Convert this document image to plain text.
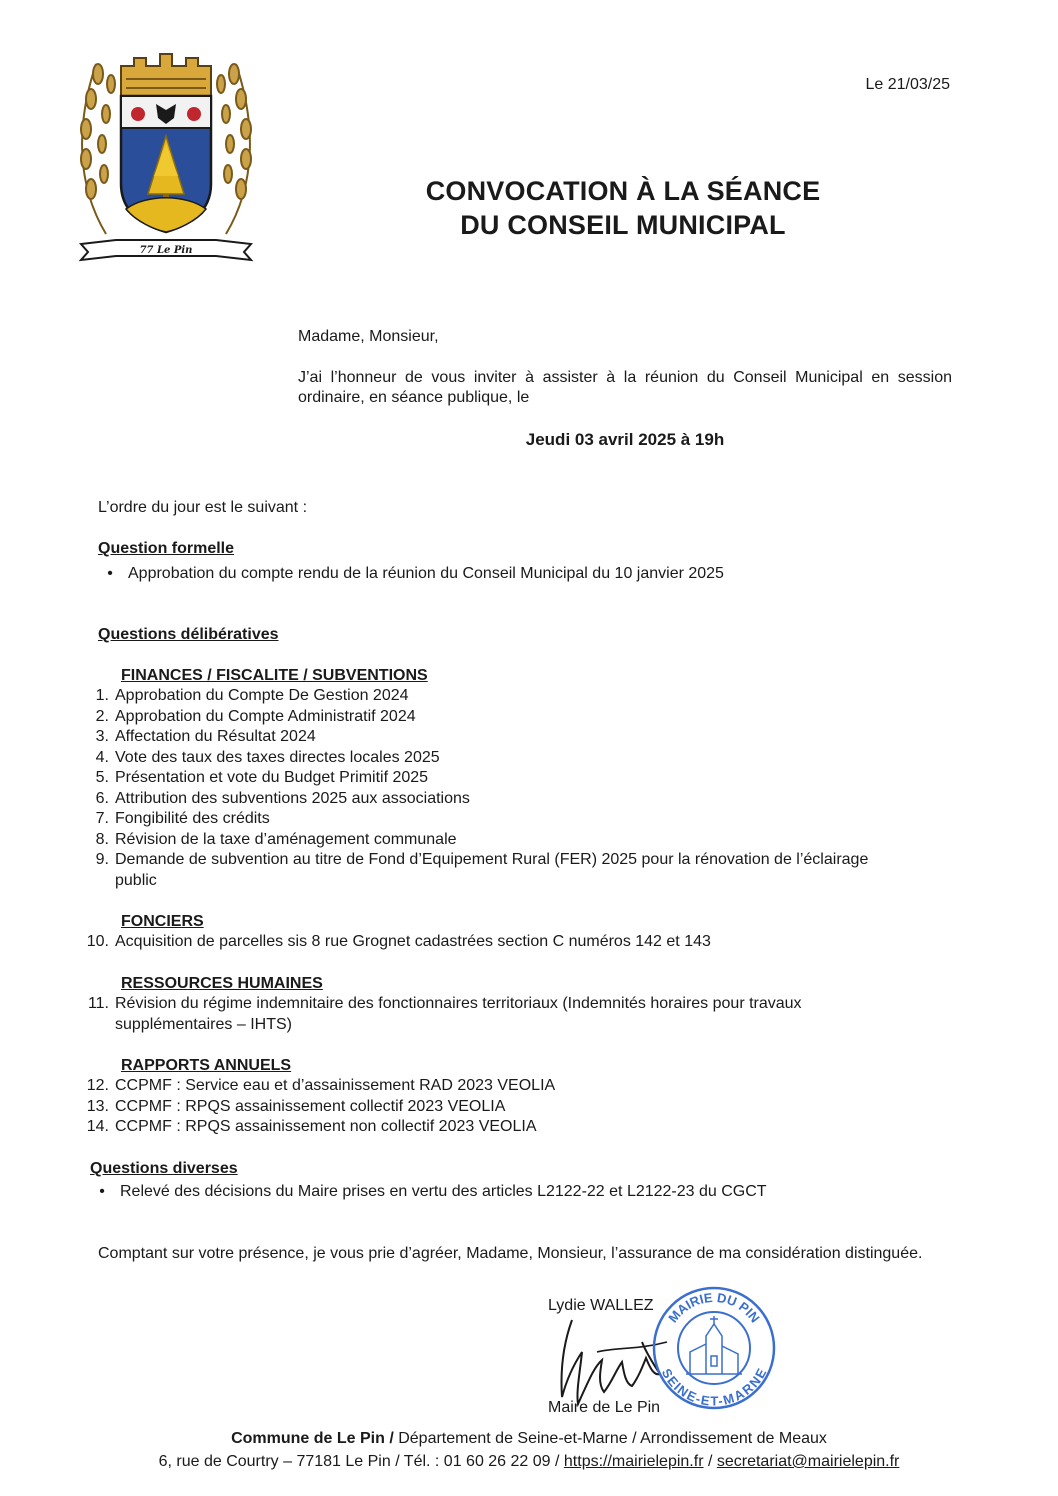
77 Le Pin
Le 21/03/25
CONVOCATION À LA SÉANCE
DU CONSEIL MUNICIPAL
Madame, Monsieur,
J’ai l’honneur de vous inviter à assister à la réunion du Conseil Municipal en session ordinaire, en séance publique, le
Jeudi 03 avril 2025 à 19h
L’ordre du jour est le suivant :
Question formelle
• Approbation du compte rendu de la réunion du Conseil Municipal du 10 janvier 2025
Questions délibératives
FINANCES / FISCALITE / SUBVENTIONS
1. Approbation du Compte De Gestion 2024
2. Approbation du Compte Administratif 2024
3. Affectation du Résultat 2024
4. Vote des taux des taxes directes locales 2025
5. Présentation et vote du Budget Primitif 2025
6. Attribution des subventions 2025 aux associations
7. Fongibilité des crédits
8. Révision de la taxe d’aménagement communale
9. Demande de subvention au titre de Fond d’Equipement Rural (FER) 2025 pour la rénovation de l’éclairage public
FONCIERS
10. Acquisition de parcelles sis 8 rue Grognet cadastrées section C numéros 142 et 143
RESSOURCES HUMAINES
11. Révision du régime indemnitaire des fonctionnaires territoriaux (Indemnités horaires pour travaux supplémentaires – IHTS)
RAPPORTS ANNUELS
12. CCPMF : Service eau et d’assainissement RAD 2023 VEOLIA
13. CCPMF : RPQS assainissement collectif 2023 VEOLIA
14. CCPMF : RPQS assainissement non collectif 2023 VEOLIA
Questions diverses
• Relevé des décisions du Maire prises en vertu des articles L2122-22 et L2122-23 du CGCT
Comptant sur votre présence, je vous prie d’agréer, Madame, Monsieur, l’assurance de ma considération distinguée.
Lydie WALLEZ
MAIRIE DU PIN
SEINE-ET-MARNE
Maire de Le Pin
Commune de Le Pin / Département de Seine-et-Marne / Arrondissement de Meaux
6, rue de Courtry – 77181 Le Pin / Tél. : 01 60 26 22 09 / https://mairielepin.fr / secretariat@mairielepin.fr
